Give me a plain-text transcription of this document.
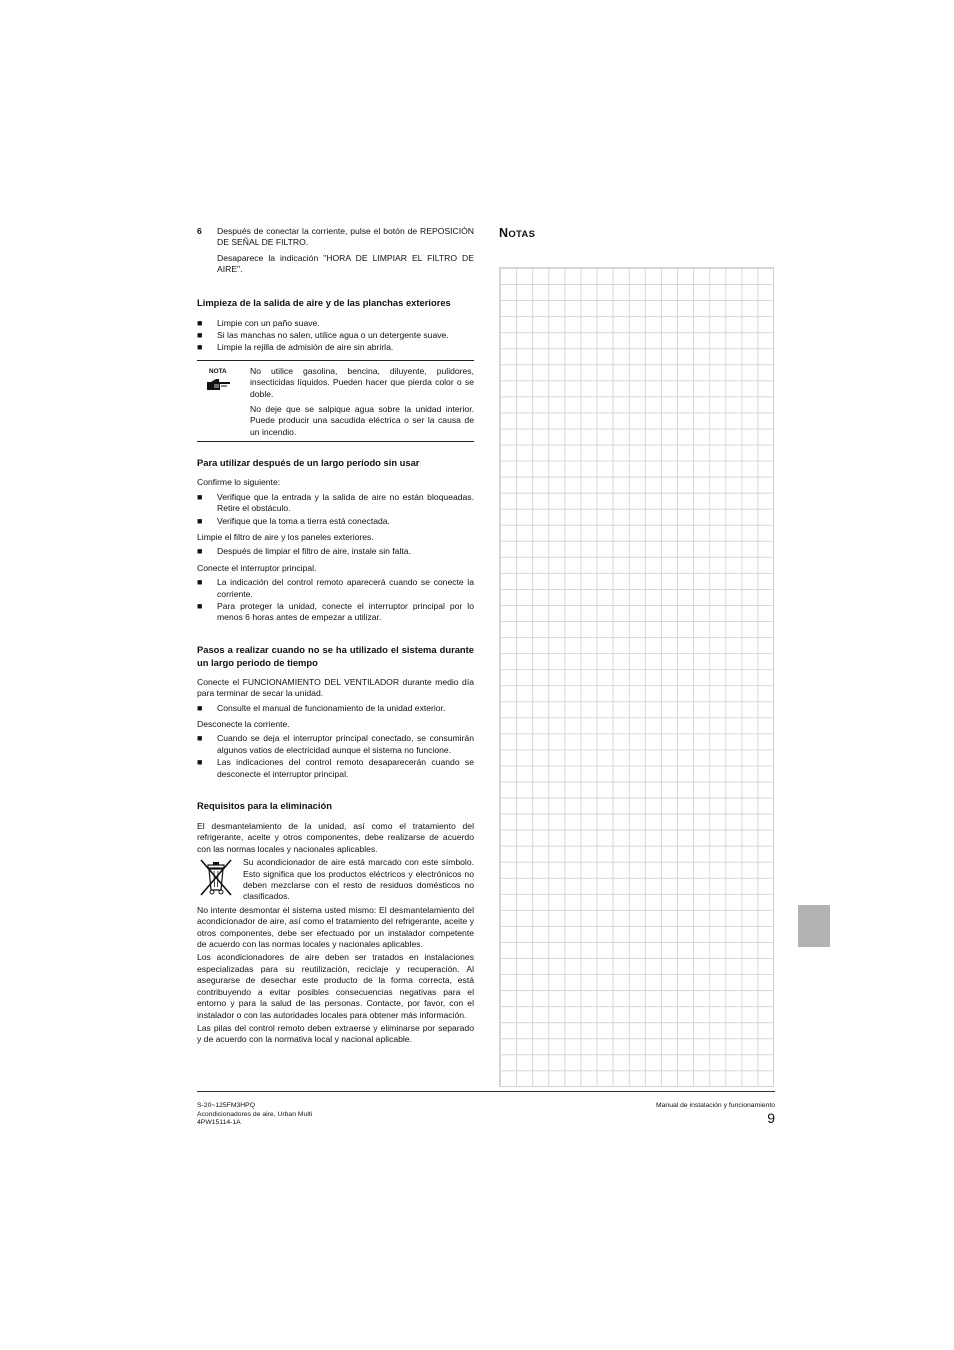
6	Después de conectar la corriente, pulse el botón de REPOSICIÓN DE SEÑAL DE FILTRO.

Desaparece la indicación "HORA DE LIMPIAR EL FILTRO DE AIRE".

Limpieza de la salida de aire y de las planchas exteriores

■	Limpie con un paño suave.
■	Si las manchas no salen, utilice agua o un detergente suave.
■	Limpie la rejilla de admisión de aire sin abrirla.
NOTA	No utilice gasolina, bencina, diluyente, pulidores, insecticidas líquidos. Pueden hacer que pierda color o se doble.

No deje que se salpique agua sobre la unidad interior. Puede producir una sacudida eléctrica o ser la causa de un incendio.

Para utilizar después de un largo período sin usar

Confirme lo siguiente:

■	Verifique que la entrada y la salida de aire no están bloqueadas. Retire el obstáculo.
■	Verifique que la toma a tierra está conectada.

Limpie el filtro de aire y los paneles exteriores.

■	Después de limpiar el filtro de aire, instale sin falta.

Conecte el interruptor principal.

■	La indicación del control remoto aparecerá cuando se conecte la corriente.
■	Para proteger la unidad, conecte el interruptor principal por lo menos 6 horas antes de empezar a utilizar.

Pasos a realizar cuando no se ha utilizado el sistema durante un largo periodo de tiempo

Conecte el FUNCIONAMIENTO DEL VENTILADOR durante medio día para terminar de secar la unidad.

■	Consulte el manual de funcionamiento de la unidad exterior.

Desconecte la corriente.

■	Cuando se deja el interruptor principal conectado, se consumirán algunos vatios de electricidad aunque el sistema no funcione.
■	Las indicaciones del control remoto desaparecerán cuando se desconecte el interruptor principal.

Requisitos para la eliminación

El desmantelamiento de la unidad, así como el tratamiento del refrigerante, aceite y otros componentes, debe realizarse de acuerdo con las normas locales y nacionales aplicables.

Su acondicionador de aire está marcado con este símbolo. Esto significa que los productos eléctricos y electrónicos no deben mezclarse con el resto de residuos domésticos no clasificados.

No intente desmontar el sistema usted mismo: El desmantelamiento del acondicionador de aire, así como el tratamiento del refrigerante, aceite y otros componentes, debe ser efectuado por un instalador competente de acuerdo con las normas locales y nacionales aplicables.

Los acondicionadores de aire deben ser tratados en instalaciones especializadas para su reutilización, reciclaje y recuperación. Al asegurarse de desechar este producto de la forma correcta, está contribuyendo a evitar posibles consecuencias negativas para el entorno y para la salud de las personas. Contacte, por favor, con el instalador o con las autoridades locales para obtener más información.

Las pilas del control remoto deben extraerse y eliminarse por separado y de acuerdo con la normativa local y nacional aplicable.

NOTAS
S-20~125FM3HPQ
Acondicionadores de aire, Urban Multi
4PW15114-1A
Manual de instalación y funcionamiento
9
